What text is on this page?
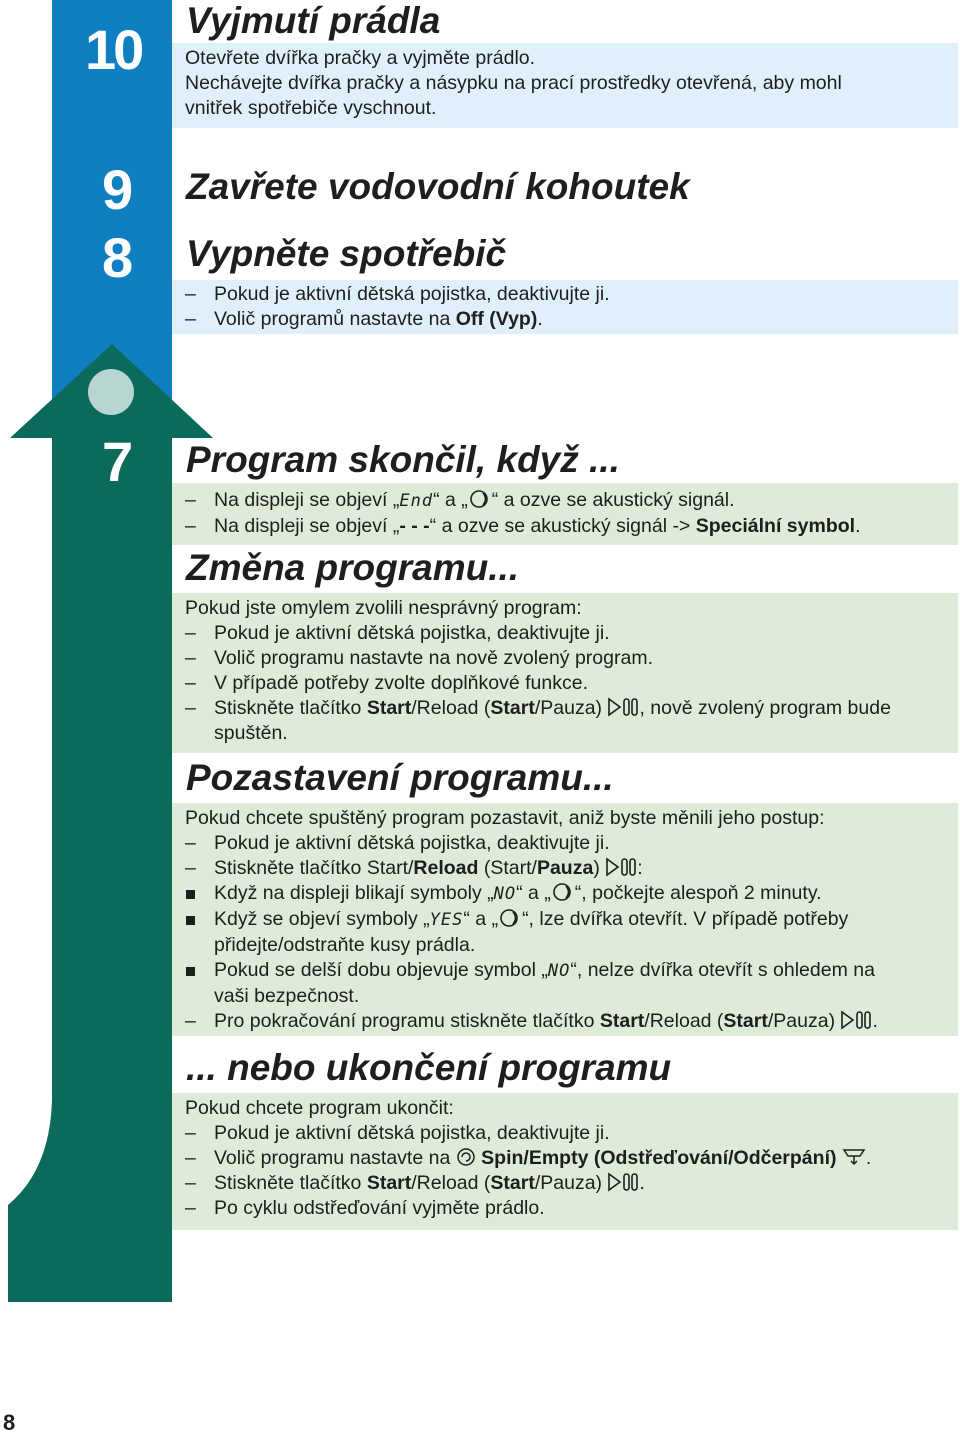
10
9
8
7
Vyjmutí prádla
Otevřete dvířka pračky a vyjměte prádlo.
Nechávejte dvířka pračky a násypku na prací prostředky otevřená, aby mohl
vnitřek spotřebiče vyschnout.
Zavřete vodovodní kohoutek
Vypněte spotřebič
– Pokud je aktivní dětská pojistka, deaktivujte ji.
– Volič programů nastavte na Off (Vyp).
Program skončil, když ...
– Na displeji se objeví „End“ a „ “ a ozve se akustický signál.
– Na displeji se objeví „- - -“ a ozve se akustický signál -> Speciální symbol.
Změna programu...
Pokud jste omylem zvolili nesprávný program:
– Pokud je aktivní dětská pojistka, deaktivujte ji.
– Volič programu nastavte na nově zvolený program.
– V případě potřeby zvolte doplňkové funkce.
– Stiskněte tlačítko Start/Reload (Start/Pauza) , nově zvolený program bude
spuštěn.
Pozastavení programu...
Pokud chcete spuštěný program pozastavit, aniž byste měnili jeho postup:
– Pokud je aktivní dětská pojistka, deaktivujte ji.
– Stiskněte tlačítko Start/Reload (Start/Pauza) :
Když na displeji blikají symboly „NO“ a „ “, počkejte alespoň 2 minuty.
Když se objeví symboly „YES“ a „ “, lze dvířka otevřít. V případě potřeby
přidejte/odstraňte kusy prádla.
Pokud se delší dobu objevuje symbol „NO“, nelze dvířka otevřít s ohledem na
vaši bezpečnost.
– Pro pokračování programu stiskněte tlačítko Start/Reload (Start/Pauza) .
... nebo ukončení programu
Pokud chcete program ukončit:
– Pokud je aktivní dětská pojistka, deaktivujte ji.
– Volič programu nastavte na  Spin/Empty (Odstřeďování/Odčerpání) .
– Stiskněte tlačítko Start/Reload (Start/Pauza) .
– Po cyklu odstřeďování vyjměte prádlo.
8
